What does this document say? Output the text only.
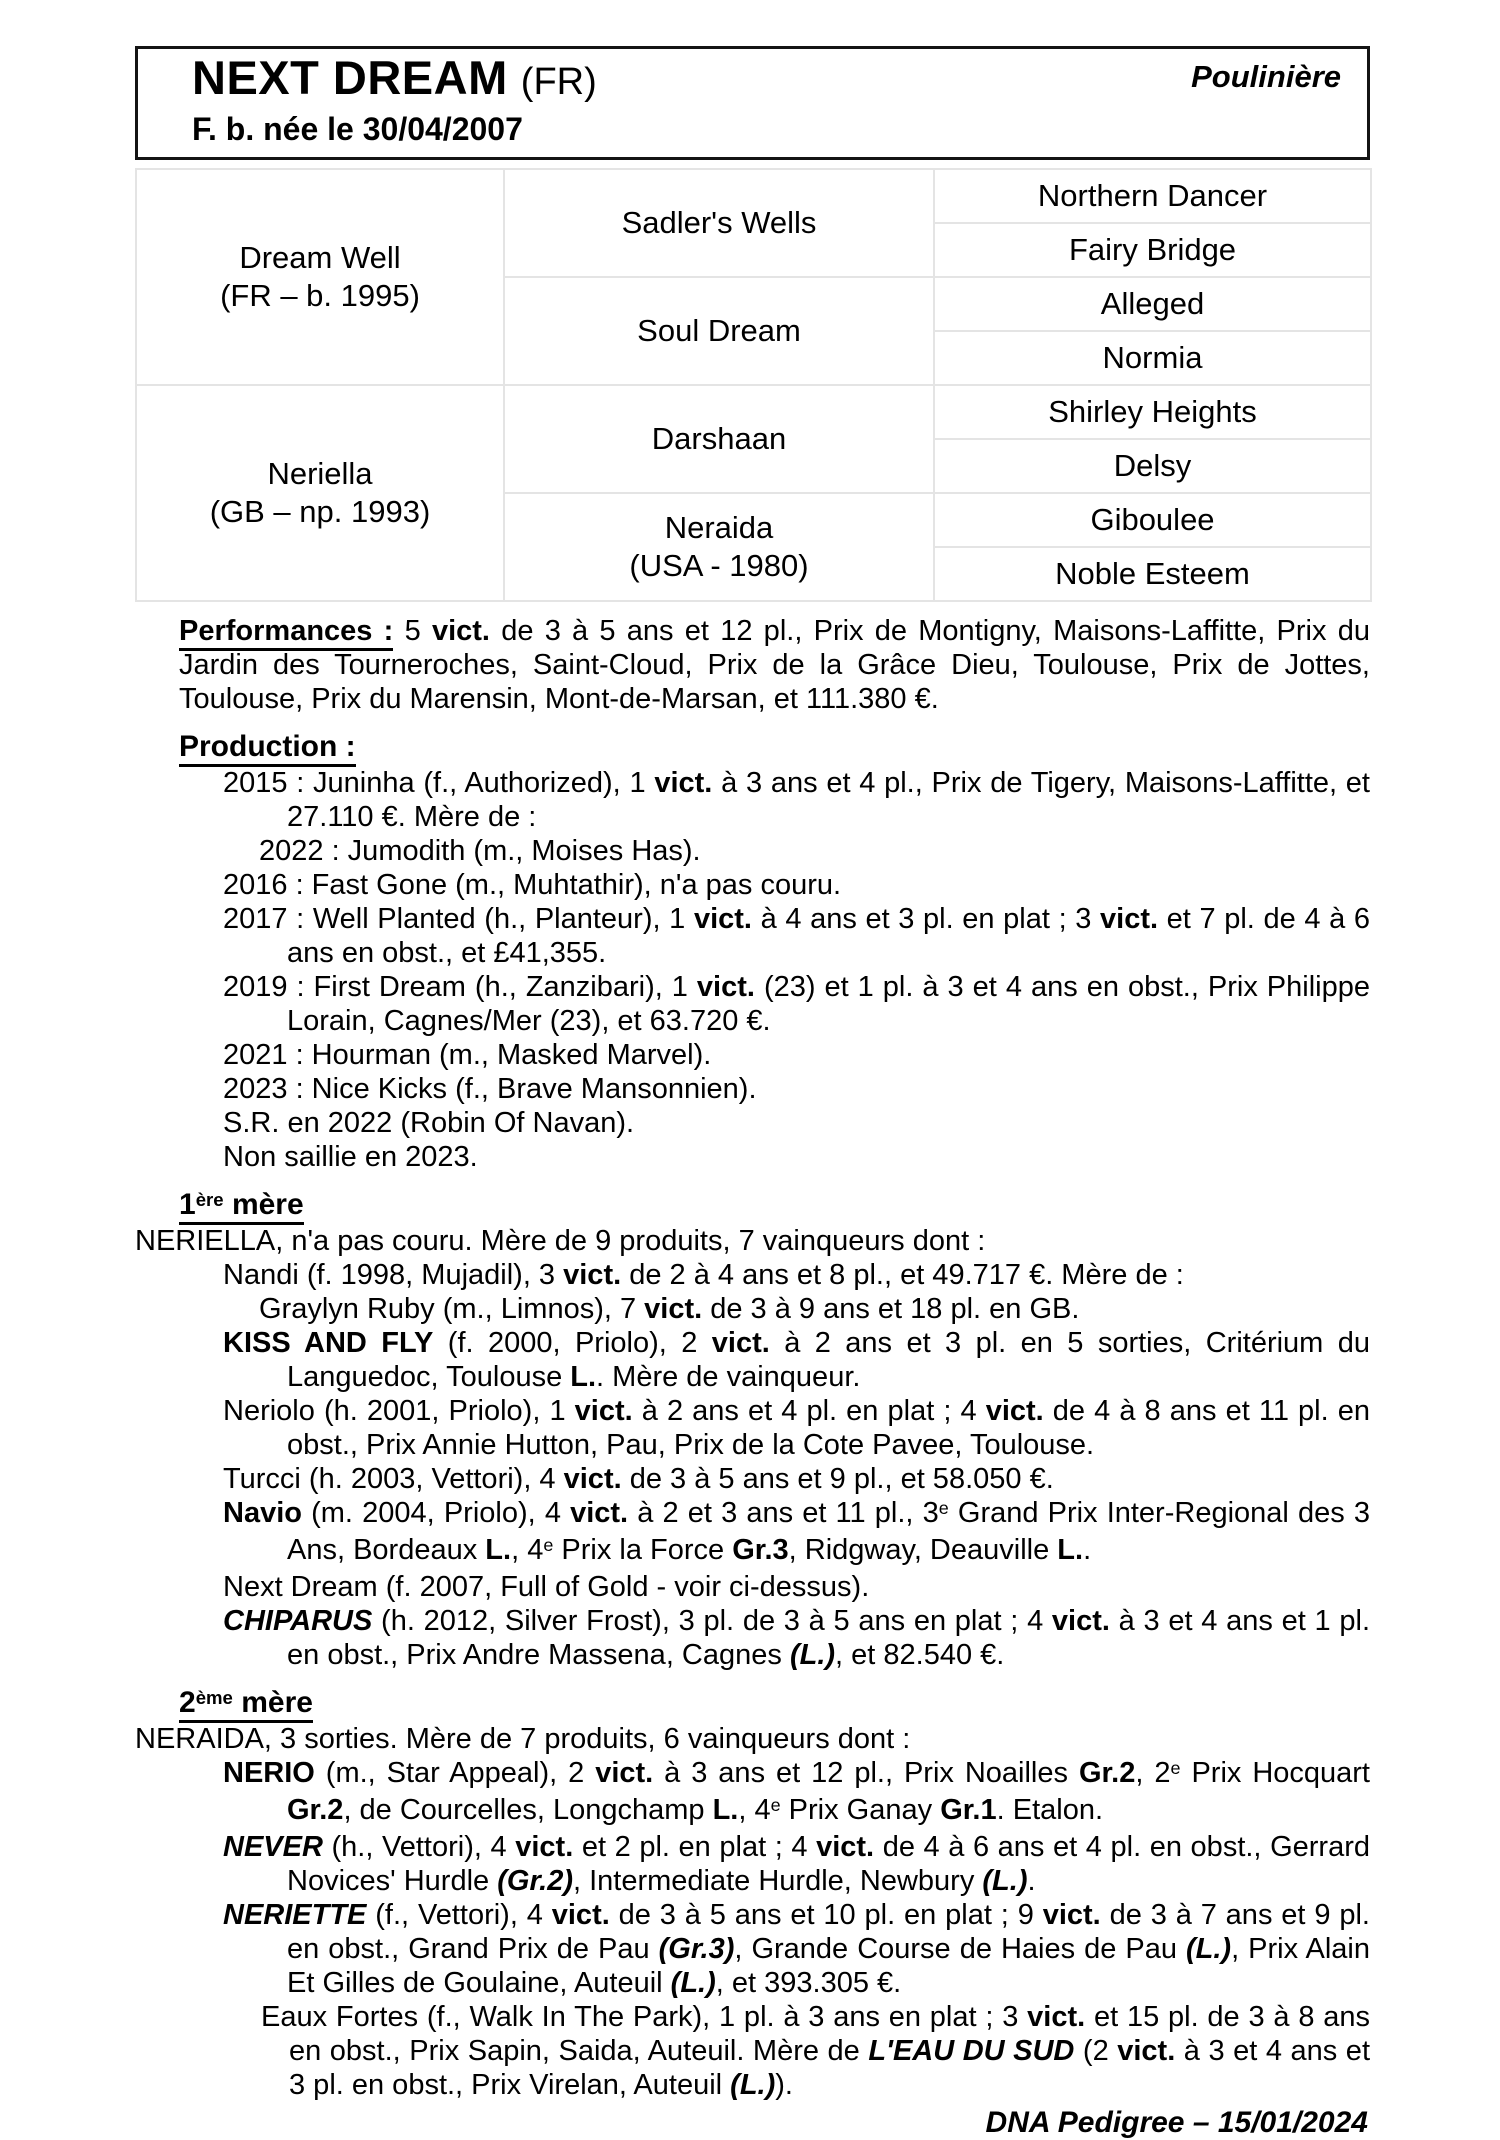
NEXT DREAM (FR)
F. b. née le 30/04/2007
Poulinière
Dream Well
(FR – b. 1995)	Sadler's Wells	Northern Dancer
		Fairy Bridge

	Soul Dream	Alleged
		Normia

Neriella
(GB – np. 1993)	Darshaan	Shirley Heights
		Delsy

	Neraida
(USA - 1980)	Giboulee
		Noble Esteem

Performances : 5 vict. de 3 à 5 ans et 12 pl., Prix de Montigny, Maisons-Laffitte, Prix du Jardin des Tourneroches, Saint-Cloud, Prix de la Grâce Dieu, Toulouse, Prix de Jottes, Toulouse, Prix du Marensin, Mont-de-Marsan, et 111.380 €.

Production :

2015 : Juninha (f., Authorized), 1 vict. à 3 ans et 4 pl., Prix de Tigery, Maisons-Laffitte, et 27.110 €. Mère de :

2022 : Jumodith (m., Moises Has).

2016 : Fast Gone (m., Muhtathir), n'a pas couru.

2017 : Well Planted (h., Planteur), 1 vict. à 4 ans et 3 pl. en plat ; 3 vict. et 7 pl. de 4 à 6 ans en obst., et £41,355.

2019 : First Dream (h., Zanzibari), 1 vict. (23) et 1 pl. à 3 et 4 ans en obst., Prix Philippe Lorain, Cagnes/Mer (23), et 63.720 €.

2021 : Hourman (m., Masked Marvel).

2023 : Nice Kicks (f., Brave Mansonnien).

S.R. en 2022 (Robin Of Navan).

Non saillie en 2023.

1ère mère

NERIELLA, n'a pas couru. Mère de 9 produits, 7 vainqueurs dont :

Nandi (f. 1998, Mujadil), 3 vict. de 2 à 4 ans et 8 pl., et 49.717 €. Mère de :

Graylyn Ruby (m., Limnos), 7 vict. de 3 à 9 ans et 18 pl. en GB.

KISS AND FLY (f. 2000, Priolo), 2 vict. à 2 ans et 3 pl. en 5 sorties, Critérium du Languedoc, Toulouse L.. Mère de vainqueur.

Neriolo (h. 2001, Priolo), 1 vict. à 2 ans et 4 pl. en plat ; 4 vict. de 4 à 8 ans et 11 pl. en obst., Prix Annie Hutton, Pau, Prix de la Cote Pavee, Toulouse.

Turcci (h. 2003, Vettori), 4 vict. de 3 à 5 ans et 9 pl., et 58.050 €.

Navio (m. 2004, Priolo), 4 vict. à 2 et 3 ans et 11 pl., 3e Grand Prix Inter-Regional des 3 Ans, Bordeaux L., 4e Prix la Force Gr.3, Ridgway, Deauville L..

Next Dream (f. 2007, Full of Gold - voir ci-dessus).

CHIPARUS (h. 2012, Silver Frost), 3 pl. de 3 à 5 ans en plat ; 4 vict. à 3 et 4 ans et 1 pl. en obst., Prix Andre Massena, Cagnes (L.), et 82.540 €.

2ème mère

NERAIDA, 3 sorties. Mère de 7 produits, 6 vainqueurs dont :

NERIO (m., Star Appeal), 2 vict. à 3 ans et 12 pl., Prix Noailles Gr.2, 2e Prix Hocquart Gr.2, de Courcelles, Longchamp L., 4e Prix Ganay Gr.1. Etalon.

NEVER (h., Vettori), 4 vict. et 2 pl. en plat ; 4 vict. de 4 à 6 ans et 4 pl. en obst., Gerrard Novices' Hurdle (Gr.2), Intermediate Hurdle, Newbury (L.).

NERIETTE (f., Vettori), 4 vict. de 3 à 5 ans et 10 pl. en plat ; 9 vict. de 3 à 7 ans et 9 pl. en obst., Grand Prix de Pau (Gr.3), Grande Course de Haies de Pau (L.), Prix Alain Et Gilles de Goulaine, Auteuil (L.), et 393.305 €.

Eaux Fortes (f., Walk In The Park), 1 pl. à 3 ans en plat ; 3 vict. et 15 pl. de 3 à 8 ans en obst., Prix Sapin, Saida, Auteuil. Mère de L'EAU DU SUD (2 vict. à 3 et 4 ans et 3 pl. en obst., Prix Virelan, Auteuil (L.)).

DNA Pedigree – 15/01/2024
